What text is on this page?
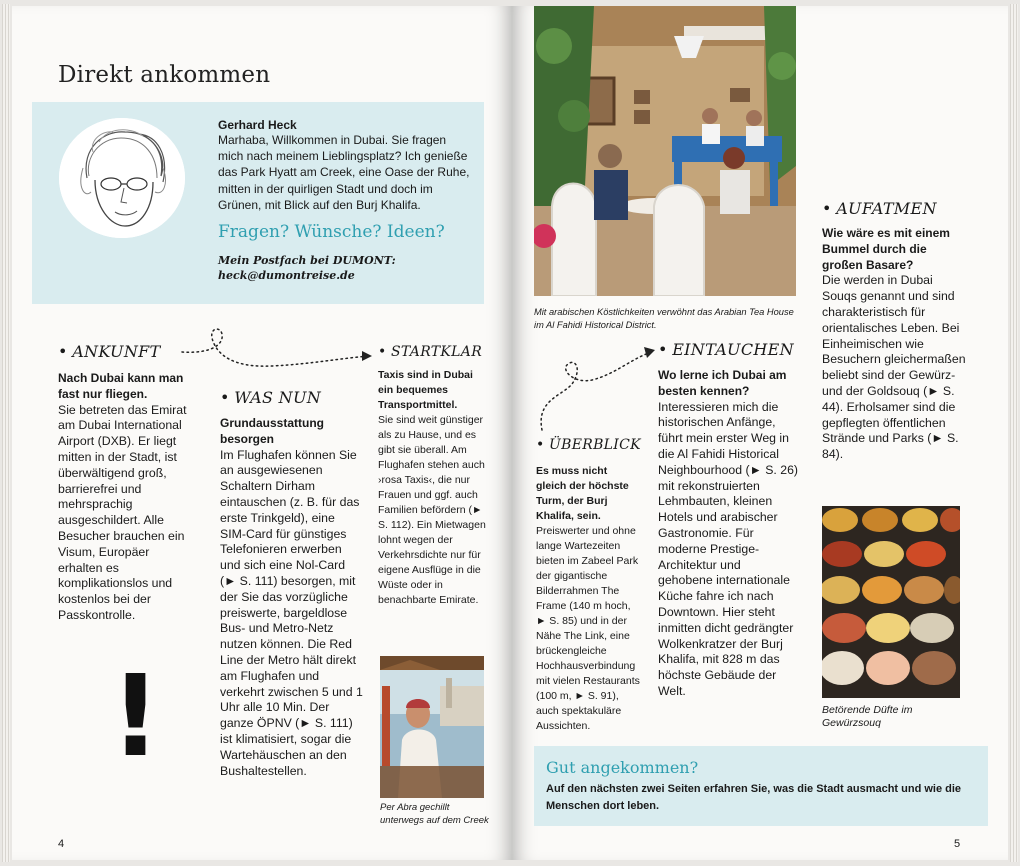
Direkt ankommen
Gerhard Heck
Marhaba, Willkommen in Dubai. Sie fragen mich nach meinem Lieblingsplatz? Ich genieße das Park Hyatt am Creek, eine Oase der Ruhe, mitten in der quirligen Stadt und doch im Grünen, mit Blick auf den Burj Khalifa.
Fragen? Wünsche? Ideen?
Mein Postfach bei DUMONT:
heck@dumontreise.de
• ANKUNFT
Nach Dubai kann man fast nur fliegen.
Sie betreten das Emirat am Dubai International Airport (DXB). Er liegt mitten in der Stadt, ist überwältigend groß, barrierefrei und mehrsprachig ausgeschildert. Alle Besucher brauchen ein Visum, Europäer erhalten es komplikationslos und kostenlos bei der Passkontrolle.
• WAS NUN
Grundausstattung besorgen
Im Flughafen können Sie an ausgewiesenen Schaltern Dirham eintauschen (z. B. für das erste Trinkgeld), eine SIM-Card für günstiges Telefonieren erwerben und sich eine Nol-Card (► S. 111) besorgen, mit der Sie das vorzügliche preiswerte, bargeldlose Bus- und Metro-Netz nutzen können. Die Red Line der Metro hält direkt am Flughafen und verkehrt zwischen 5 und 1 Uhr alle 10 Min. Der ganze ÖPNV (► S. 111) ist klimatisiert, sogar die Wartehäuschen an den Bushaltestellen.
• STARTKLAR
Taxis sind in Dubai ein bequemes Transportmittel.
Sie sind weit günstiger als zu Hause, und es gibt sie überall. Am Flughafen stehen auch ›rosa Taxis‹, die nur Frauen und ggf. auch Familien befördern (► S. 112). Ein Mietwagen lohnt wegen der Verkehrsdichte nur für eigene Ausflüge in die Wüste oder in benachbarte Emirate.
!
Per Abra gechillt unterwegs auf dem Creek
4
Mit arabischen Köstlichkeiten verwöhnt das Arabian Tea House im Al Fahidi Historical District.
• ÜBERBLICK
Es muss nicht gleich der höchste Turm, der Burj Khalifa, sein.
Preiswerter und ohne lange Wartezeiten bieten im Zabeel Park der gigantische Bilderrahmen The Frame (140 m hoch, ► S. 85) und in der Nähe The Link, eine brückengleiche Hochhausverbindung mit vielen Restaurants (100 m, ► S. 91), auch spektakuläre Aussichten.
• EINTAUCHEN
Wo lerne ich Dubai am besten kennen?
Interessieren mich die historischen Anfänge, führt mein erster Weg in die Al Fahidi Historical Neighbourhood (► S. 26) mit rekonstruierten Lehmbauten, kleinen Hotels und arabischer Gastronomie. Für moderne Prestige-Architektur und gehobene internationale Küche fahre ich nach Downtown. Hier steht inmitten dicht gedrängter Wolkenkratzer der Burj Khalifa, mit 828 m das höchste Gebäude der Welt.
• AUFATMEN
Wie wäre es mit einem Bummel durch die großen Basare?
Die werden in Dubai Souqs genannt und sind charakteristisch für orientalisches Leben. Bei Einheimischen wie Besuchern gleichermaßen beliebt sind der Gewürz- und der Goldsouq (► S. 44). Erholsamer sind die gepflegten öffentlichen Strände und Parks (► S. 84).
Betörende Düfte im Gewürzsouq
Gut angekommen?
Auf den nächsten zwei Seiten erfahren Sie, was die Stadt ausmacht und wie die Menschen dort leben.
5
